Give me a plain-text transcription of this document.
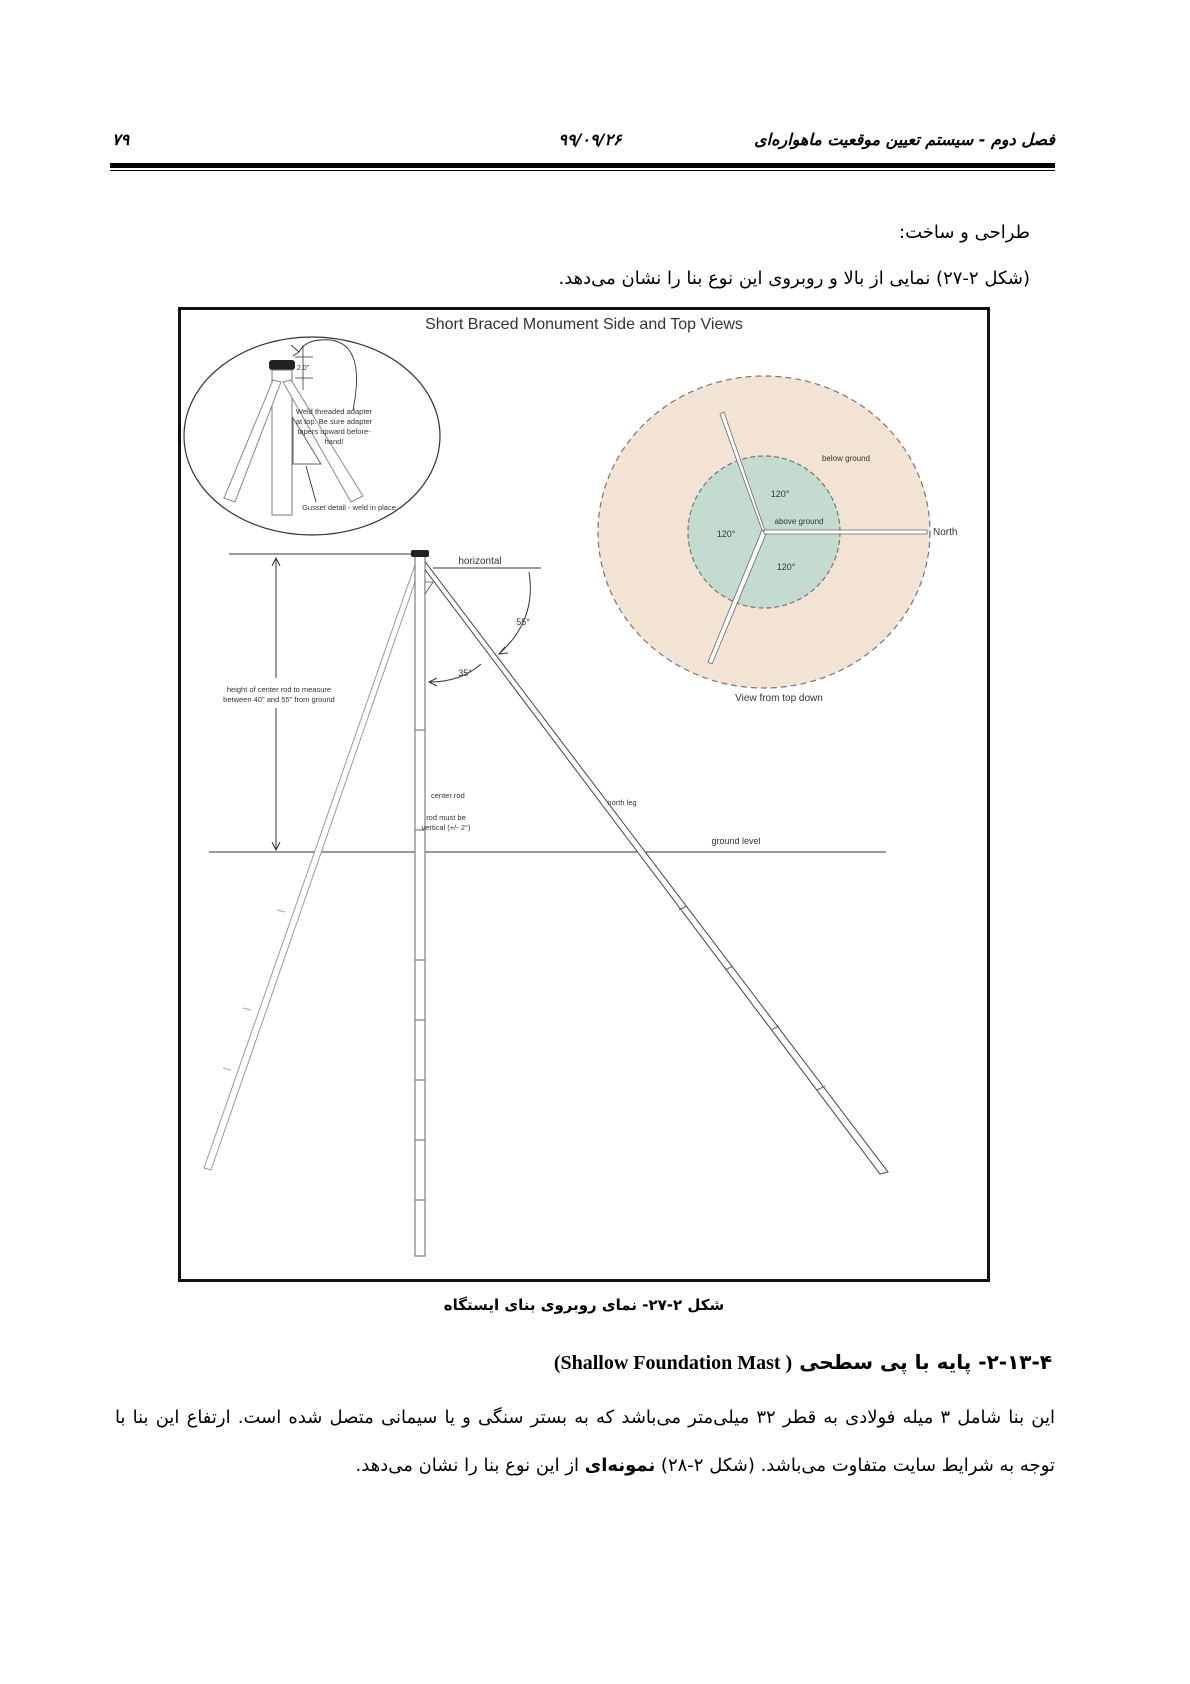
۷۹	۹۹/۰۹/۲۶	فصل دوم - سیستم تعیین موقعیت ماهواره‌ای
طراحی و ساخت:
(شکل ۲-۲۷) نمایی از بالا و روبروی این نوع بنا را نشان می‌دهد.
Short Braced Monument Side and Top Views
2.0"
Weld threaded adapter
at top. Be sure adapter
tapers upward before-
hand!
Gusset detail - weld in place
below ground
above ground
120°
120°
120°
North
View from top down
height of center rod to measure
between 40" and 55" from ground
ground level
horizontal
55°
35°
center rod
rod must be
vertical (+/- 2°)
north leg
شکل ۲-۲۷- نمای روبروی بنای ایستگاه
۲-۱۳-۴- پایه با پی سطحی ( Shallow Foundation Mast)
این بنا شامل ۳ میله فولادی به قطر ۳۲ میلی‌متر می‌باشد که به بستر سنگی و یا سیمانی متصل شده است. ارتفاع این بنا با توجه به شرایط سایت متفاوت می‌باشد. (شکل ۲-۲۸) نمونه‌ای از این نوع بنا را نشان می‌دهد.
